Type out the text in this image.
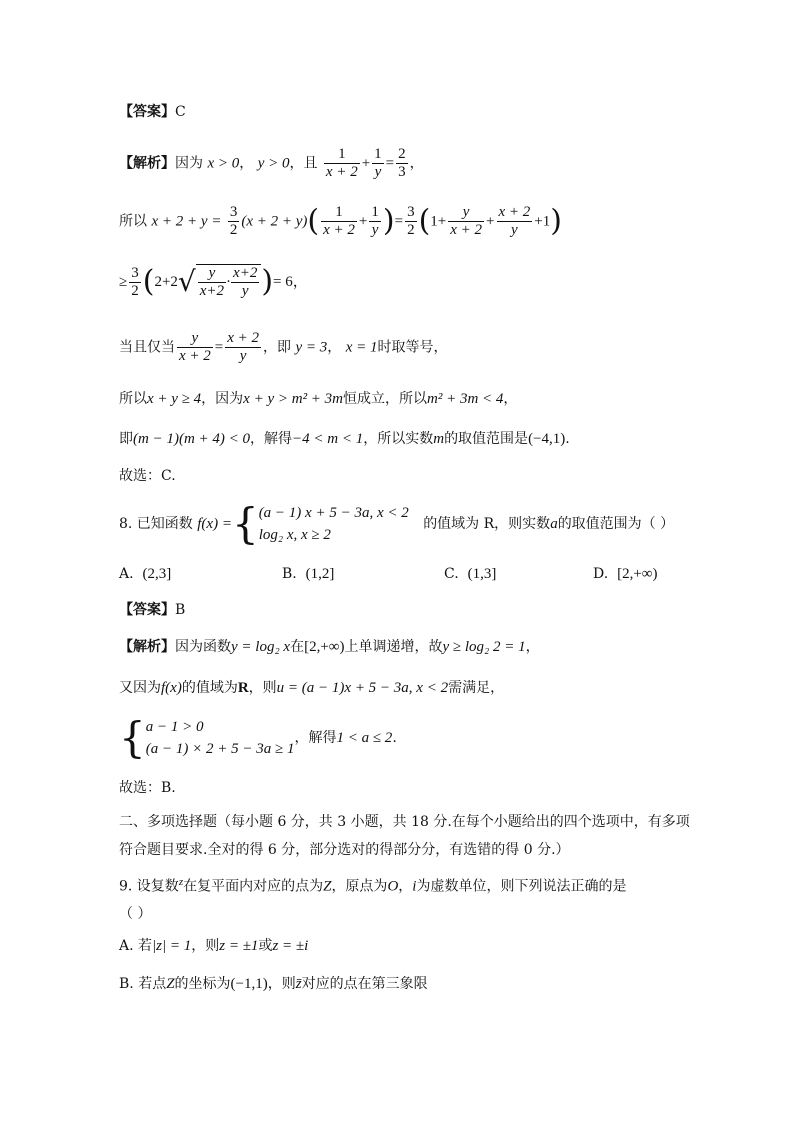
【答案】C
【解析】因为 x > 0， y > 0，且 $\frac{1}{x + 2} + \frac{1}{y} = \frac{2}{3}$ ，
所以 $x + 2 + y = \frac{3}{2} (x + 2 + y)( \frac{1}{x + 2} + \frac{1}{y}$ )= $\frac{3}{2} (1+ \frac{y}{x + 2} + \frac{x + 2}{y} +1)$
≥ $\frac{3}{2} (2+2√ \frac{y}{x+2} \cdot \frac{x+2}{y}$ )= 6，
当且仅当 $\frac{y}{x + 2} = \frac{x + 2}{y}$ ，即 y = 3， x = 1时取等号，
所以x + y ≥ 4，因为x + y > m² + 3m恒成立，所以m² + 3m < 4，
即(m − 1)(m + 4) < 0，解得−4 < m < 1，所以实数m的取值范围是(−4,1).
故选：C.
8. 已知函数 f(x) ={ (a − 1) x + 5 − 3a, x < 2
log₂ x, x ≥ 2
的值域为 R，则实数a的取值范围为（ ）
A. (2,3]	B. (1,2]	C. (1,3]	D. [2,+∞)
【答案】B
【解析】因为函数y = log₂ x在[2,+∞)上单调递增，故y ≥ log₂ 2 = 1，
又因为f(x)的值域为R，则u = (a − 1)x + 5 − 3a, x < 2需满足，
{ a − 1 > 0
(a − 1) × 2 + 5 − 3a ≥ 1
，解得1 < a ≤ 2.
故选：B.
二、多项选择题（每小题 6 分，共 3 小题，共 18 分.在每个小题给出的四个选项中，有多项
符合题目要求.全对的得 6 分，部分选对的得部分分，有选错的得 0 分.）
9. 设复数$^z$在复平面内对应的点为Z，原点为O，i为虚数单位，则下列说法正确的是
（ ）
A. 若|z| = 1，则z = ±1或z = ±i
B. 若点Z的坐标为(−1,1)，则z̄对应的点在第三象限
